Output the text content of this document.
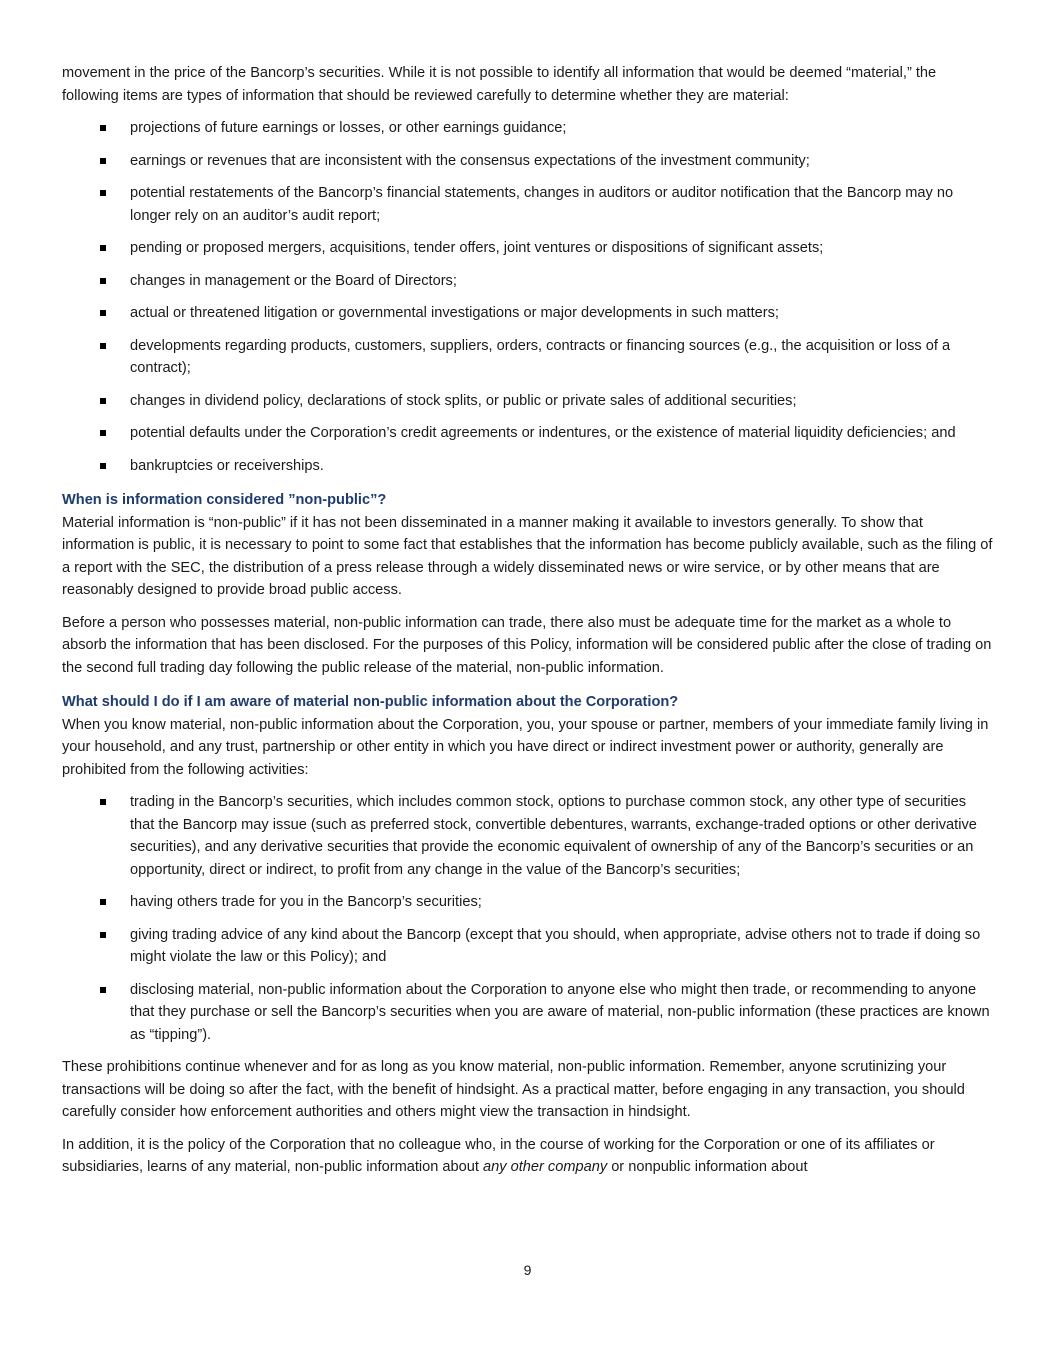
movement in the price of the Bancorp’s securities. While it is not possible to identify all information that would be deemed “material,” the following items are types of information that should be reviewed carefully to determine whether they are material:

projections of future earnings or losses, or other earnings guidance;
earnings or revenues that are inconsistent with the consensus expectations of the investment community;
potential restatements of the Bancorp’s financial statements, changes in auditors or auditor notification that the Bancorp may no longer rely on an auditor’s audit report;
pending or proposed mergers, acquisitions, tender offers, joint ventures or dispositions of significant assets;
changes in management or the Board of Directors;
actual or threatened litigation or governmental investigations or major developments in such matters;
developments regarding products, customers, suppliers, orders, contracts or financing sources (e.g., the acquisition or loss of a contract);
changes in dividend policy, declarations of stock splits, or public or private sales of additional securities;
potential defaults under the Corporation’s credit agreements or indentures, or the existence of material liquidity deficiencies; and
bankruptcies or receiverships.
When is information considered ”non-public”?

Material information is “non-public” if it has not been disseminated in a manner making it available to investors generally. To show that information is public, it is necessary to point to some fact that establishes that the information has become publicly available, such as the filing of a report with the SEC, the distribution of a press release through a widely disseminated news or wire service, or by other means that are reasonably designed to provide broad public access.

Before a person who possesses material, non-public information can trade, there also must be adequate time for the market as a whole to absorb the information that has been disclosed. For the purposes of this Policy, information will be considered public after the close of trading on the second full trading day following the public release of the material, non-public information.

What should I do if I am aware of material non-public information about the Corporation?

When you know material, non-public information about the Corporation, you, your spouse or partner, members of your immediate family living in your household, and any trust, partnership or other entity in which you have direct or indirect investment power or authority, generally are prohibited from the following activities:

trading in the Bancorp’s securities, which includes common stock, options to purchase common stock, any other type of securities that the Bancorp may issue (such as preferred stock, convertible debentures, warrants, exchange-traded options or other derivative securities), and any derivative securities that provide the economic equivalent of ownership of any of the Bancorp’s securities or an opportunity, direct or indirect, to profit from any change in the value of the Bancorp’s securities;
having others trade for you in the Bancorp’s securities;
giving trading advice of any kind about the Bancorp (except that you should, when appropriate, advise others not to trade if doing so might violate the law or this Policy); and
disclosing material, non-public information about the Corporation to anyone else who might then trade, or recommending to anyone that they purchase or sell the Bancorp’s securities when you are aware of material, non-public information (these practices are known as “tipping”).

These prohibitions continue whenever and for as long as you know material, non-public information. Remember, anyone scrutinizing your transactions will be doing so after the fact, with the benefit of hindsight. As a practical matter, before engaging in any transaction, you should carefully consider how enforcement authorities and others might view the transaction in hindsight.

In addition, it is the policy of the Corporation that no colleague who, in the course of working for the Corporation or one of its affiliates or subsidiaries, learns of any material, non-public information about any other company or nonpublic information about

9
